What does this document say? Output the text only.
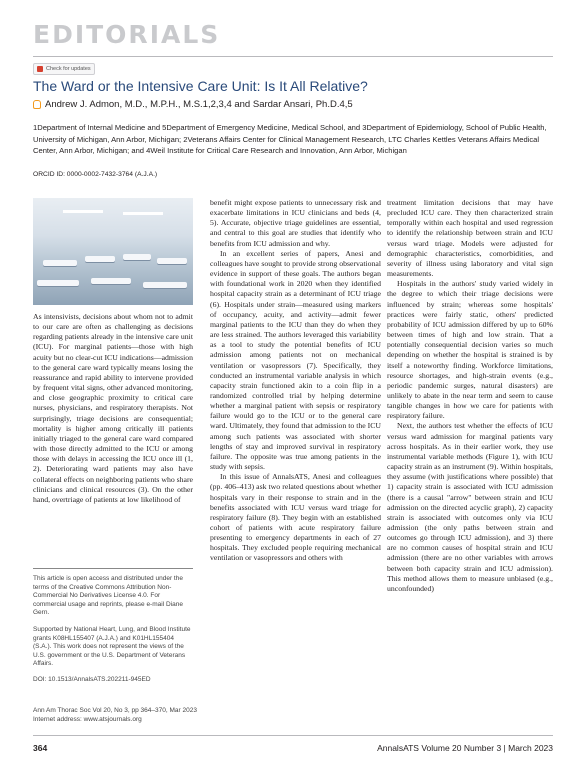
EDITORIALS
Check for updates
The Ward or the Intensive Care Unit: Is It All Relative?
Andrew J. Admon, M.D., M.P.H., M.S.1,2,3,4 and Sardar Ansari, Ph.D.4,5
1Department of Internal Medicine and 5Department of Emergency Medicine, Medical School, and 3Department of Epidemiology, School of Public Health, University of Michigan, Ann Arbor, Michigan; 2Veterans Affairs Center for Clinical Management Research, LTC Charles Kettles Veterans Affairs Medical Center, Ann Arbor, Michigan; and 4Weil Institute for Critical Care Research and Innovation, Ann Arbor, Michigan
ORCID ID: 0000-0002-7432-3764 (A.J.A.)

As intensivists, decisions about whom not to admit to our care are often as challenging as decisions regarding patients already in the intensive care unit (ICU). For marginal patients—those with high acuity but no clear-cut ICU indications—admission to the general care ward typically means losing the reassurance and rapid ability to intervene provided by frequent vital signs, other advanced monitoring, and close geographic proximity to critical care nurses, physicians, and respiratory therapists. Not surprisingly, triage decisions are consequential; mortality is higher among critically ill patients initially triaged to the general care ward compared with those directly admitted to the ICU or among those with delays in accessing the ICU once ill (1, 2). Deteriorating ward patients may also have collateral effects on neighboring patients who share clinicians and clinical resources (3). On the other hand, overtriage of patients at low likelihood of

benefit might expose patients to unnecessary risk and exacerbate limitations in ICU clinicians and beds (4, 5). Accurate, objective triage guidelines are essential, and central to this goal are studies that identify who benefits from ICU admission and why.

In an excellent series of papers, Anesi and colleagues have sought to provide strong observational evidence in support of these goals. The authors began with foundational work in 2020 when they identified hospital capacity strain as a determinant of ICU triage (6). Hospitals under strain—measured using markers of occupancy, acuity, and activity—admit fewer marginal patients to the ICU than they do when they are less strained. The authors leveraged this variability as a tool to study the potential benefits of ICU admission among patients not on mechanical ventilation or vasopressors (7). Specifically, they conducted an instrumental variable analysis in which capacity strain functioned akin to a coin flip in a randomized controlled trial by helping determine whether a marginal patient with sepsis or respiratory failure would go to the ICU or to the general care ward. Ultimately, they found that admission to the ICU among such patients was associated with shorter lengths of stay and improved survival in respiratory failure. The opposite was true among patients in the study with sepsis.

In this issue of AnnalsATS, Anesi and colleagues (pp. 406–413) ask two related questions about whether hospitals vary in their response to strain and in the benefits associated with ICU versus ward triage for respiratory failure (8). They begin with an established cohort of patients with acute respiratory failure presenting to emergency departments in each of 27 hospitals. They excluded people requiring mechanical ventilation or vasopressors and others with

treatment limitation decisions that may have precluded ICU care. They then characterized strain temporally within each hospital and used regression to identify the relationship between strain and ICU versus ward triage. Models were adjusted for demographic characteristics, comorbidities, and severity of illness using laboratory and vital sign measurements.

Hospitals in the authors' study varied widely in the degree to which their triage decisions were influenced by strain; whereas some hospitals' practices were fairly static, others' predicted probability of ICU admission differed by up to 60% between times of high and low strain. That a potentially consequential decision varies so much depending on whether the hospital is strained is by itself a noteworthy finding. Workforce limitations, resource shortages, and high-strain events (e.g., periodic pandemic surges, natural disasters) are unlikely to abate in the near term and seem to cause tangible changes in how we care for patients with respiratory failure.

Next, the authors test whether the effects of ICU versus ward admission for marginal patients vary across hospitals. As in their earlier work, they use instrumental variable methods (Figure 1), with ICU capacity strain as an instrument (9). Within hospitals, they assume (with justifications where possible) that 1) capacity strain is associated with ICU admission (there is a causal "arrow" between strain and ICU admission on the directed acyclic graph), 2) capacity strain is associated with outcomes only via ICU admission (the only paths between strain and outcomes go through ICU admission), and 3) there are no common causes of hospital strain and ICU admission (there are no other variables with arrows between both capacity strain and ICU admission). This method allows them to measure unbiased (e.g., unconfounded)

This article is open access and distributed under the terms of the Creative Commons Attribution Non-Commercial No Derivatives License 4.0. For commercial usage and reprints, please e-mail Diane Gern.
Supported by National Heart, Lung, and Blood Institute grants K08HL155407 (A.J.A.) and K01HL155404 (S.A.). This work does not represent the views of the U.S. government or the U.S. Department of Veterans Affairs.
DOI: 10.1513/AnnalsATS.202211-945ED
Ann Am Thorac Soc Vol 20, No 3, pp 364–370, Mar 2023
Internet address: www.atsjournals.org
364	AnnalsATS Volume 20 Number 3 | March 2023
